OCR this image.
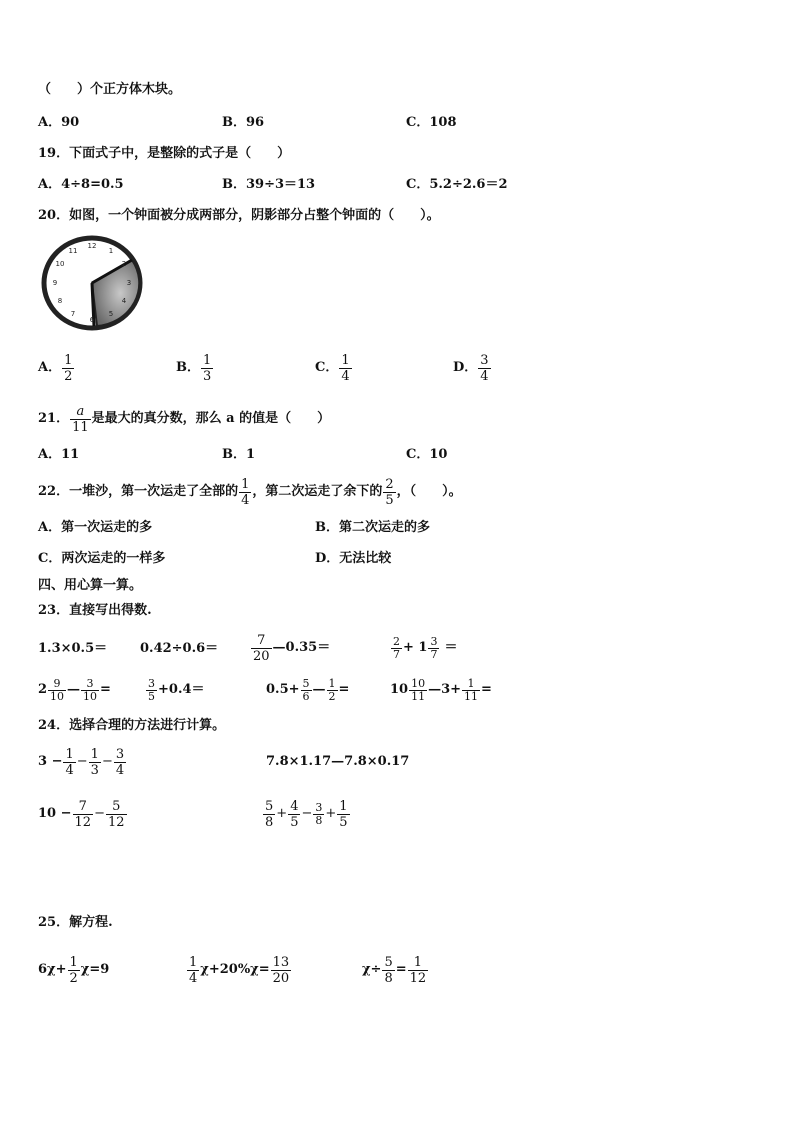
（　　）个正方体木块。
A．90	B．96	C．108
19．下面式子中，是整除的式子是（　　）
A．4÷8=0.5	B．39÷3＝13	C．5.2÷2.6＝2
20．如图，一个钟面被分成两部分，阴影部分占整个钟面的（　　）。
12
1
2
3
4
5
6
7
8
9
10
11
A． $\frac{1}{2}$	B． $\frac{1}{3}$	C． $\frac{1}{4}$	D． $\frac{3}{4}$
21． $\frac{a}{11}$ 是最大的真分数，那么 a 的值是（　　）
A．11	B．1	C．10
22．一堆沙，第一次运走了全部的 $\frac{1}{4}$ ，第二次运走了余下的 $\frac{2}{5}$ ，（　　）。
A．第一次运走的多	B．第二次运走的多
C．两次运走的一样多	D．无法比较
四、用心算一算。
23．直接写出得数.
1.3×0.5＝	0.42÷0.6＝	$\frac{7}{20}$ —0.35＝	$\frac{2}{7} + 1 \frac{3}{7}$ ＝
$2 \frac{9}{10}$ — $\frac{3}{10}$ =	$\frac{3}{5} +0.4=$	$0.5+ \frac{5}{6}$ — $\frac{1}{2}$ =	$10 \frac{10}{11}$ —3+ $\frac{1}{11}$ =
24．选择合理的方法进行计算。
$3 - \frac{1}{4} - \frac{1}{3} - \frac{3}{4}$	7.8×1.17—7.8×0.17
$10 - \frac{7}{12} - \frac{5}{12}$	$\frac{5}{8} + \frac{4}{5} - \frac{3}{8} + \frac{1}{5}$
25．解方程.
$6\chi+ \frac{1}{2} \chi=9$	$\frac{1}{4} \chi+20\%\chi= \frac{13}{20}$	$\chi\div \frac{5}{8} = \frac{1}{12}$
